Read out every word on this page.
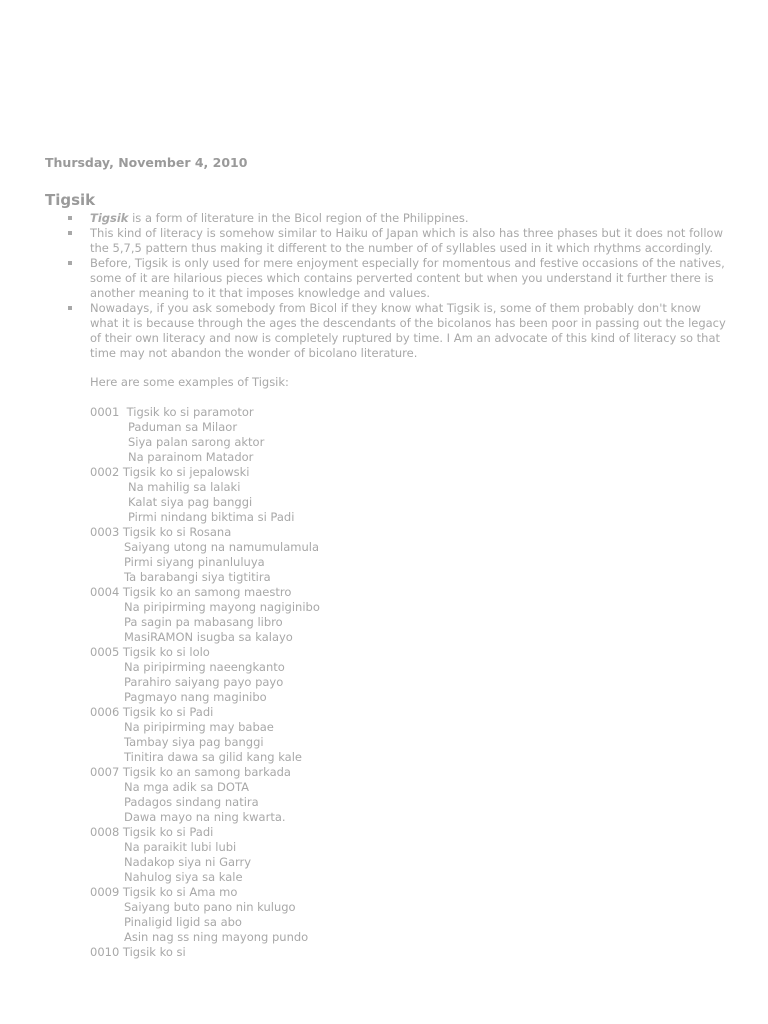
Thursday, November 4, 2010
Tigsik
Tigsik is a form of literature in the Bicol region of the Philippines.
This kind of literacy is somehow similar to Haiku of Japan which is also has three phases but it does not follow the 5,7,5 pattern thus making it different to the number of of syllables used in it which rhythms accordingly.
Before, Tigsik is only used for mere enjoyment especially for momentous and festive occasions of the natives, some of it are hilarious pieces which contains perverted content but when you understand it further there is another meaning to it that imposes knowledge and values.
Nowadays, if you ask somebody from Bicol if they know what Tigsik is, some of them probably don't know what it is because through the ages the descendants of the bicolanos has been poor in passing out the legacy of their own literacy and now is completely ruptured by time. I Am an advocate of this kind of literacy so that time may not abandon the wonder of bicolano literature.
Here are some examples of Tigsik:
0001  Tigsik ko si paramotor
Paduman sa Milaor
Siya palan sarong aktor
Na parainom Matador
0002 Tigsik ko si jepalowski
Na mahilig sa lalaki
Kalat siya pag banggi
Pirmi nindang biktima si Padi
0003 Tigsik ko si Rosana
Saiyang utong na namumulamula
Pirmi siyang pinanluluya
Ta barabangi siya tigtitira
0004 Tigsik ko an samong maestro
Na piripirming mayong nagiginibo
Pa sagin pa mabasang libro
MasiRAMON isugba sa kalayo
0005 Tigsik ko si lolo
Na piripirming naeengkanto
Parahiro saiyang payo payo
Pagmayo nang maginibo
0006 Tigsik ko si Padi
Na piripirming may babae
Tambay siya pag banggi
Tinitira dawa sa gilid kang kale
0007 Tigsik ko an samong barkada
Na mga adik sa DOTA
Padagos sindang natira
Dawa mayo na ning kwarta.
0008 Tigsik ko si Padi
Na paraikit lubi lubi
Nadakop siya ni Garry
Nahulog siya sa kale
0009 Tigsik ko si Ama mo
Saiyang buto pano nin kulugo
Pinaligid ligid sa abo
Asin nag ss ning mayong pundo
0010 Tigsik ko si
